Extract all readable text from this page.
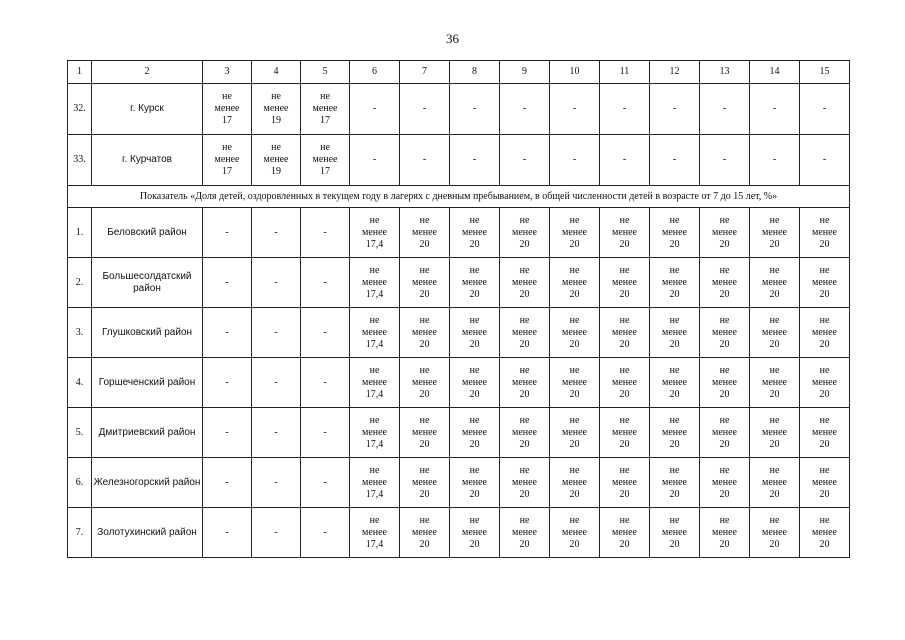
36
1	2	3	4	5	6	7	8	9	10	11	12	13	14	15
32.	г. Курск	не
менее
17	не
менее
19	не
менее
17	-	-	-	-	-	-	-	-	-	-
33.	г. Курчатов	не
менее
17	не
менее
19	не
менее
17	-	-	-	-	-	-	-	-	-	-
Показатель «Доля детей, оздоровленных в текущем году в лагерях с дневным пребыванием, в общей численности детей в возрасте от 7 до 15 лет, %»														
1.	Беловский район	-	-	-	не
менее
17,4	не
менее
20	не
менее
20	не
менее
20	не
менее
20	не
менее
20	не
менее
20	не
менее
20	не
менее
20	не
менее
20

2.	Большесолдатский район	-	-	-	не
менее
17,4	не
менее
20	не
менее
20	не
менее
20	не
менее
20	не
менее
20	не
менее
20	не
менее
20	не
менее
20	не
менее
20

3.	Глушковский район	-	-	-	не
менее
17,4	не
менее
20	не
менее
20	не
менее
20	не
менее
20	не
менее
20	не
менее
20	не
менее
20	не
менее
20	не
менее
20

4.	Горшеченский район	-	-	-	не
менее
17,4	не
менее
20	не
менее
20	не
менее
20	не
менее
20	не
менее
20	не
менее
20	не
менее
20	не
менее
20	не
менее
20

5.	Дмитриевский район	-	-	-	не
менее
17,4	не
менее
20	не
менее
20	не
менее
20	не
менее
20	не
менее
20	не
менее
20	не
менее
20	не
менее
20	не
менее
20

6.	Железногорский район	-	-	-	не
менее
17,4	не
менее
20	не
менее
20	не
менее
20	не
менее
20	не
менее
20	не
менее
20	не
менее
20	не
менее
20	не
менее
20

7.	Золотухинский район	-	-	-	не
менее
17,4	не
менее
20	не
менее
20	не
менее
20	не
менее
20	не
менее
20	не
менее
20	не
менее
20	не
менее
20	не
менее
20
